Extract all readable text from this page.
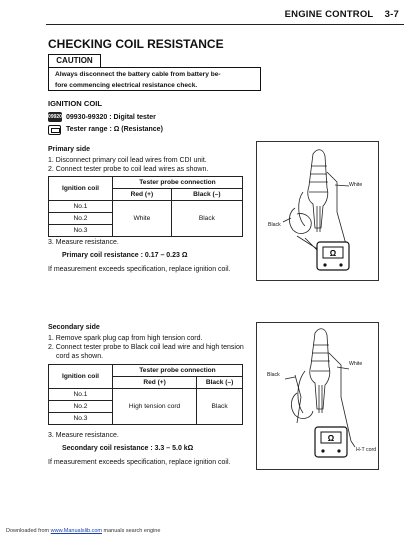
ENGINE CONTROL 3-7
CHECKING COIL RESISTANCE
CAUTION
Always disconnect the battery cable from battery be-
fore commencing electrical resistance check.
IGNITION COIL
09920 09930-99320 : Digital tester
Tester range : Ω (Resistance)
Primary side
1. Disconnect primary coil lead wires from CDI unit.
2. Connect tester probe to coil lead wires as shown.
Ignition coil	Tester probe connection	
	Red (+)	Black (–)
No.1	White	Black
No.2		
No.3		
3. Measure resistance.
Primary coil resistance : 0.17 – 0.23 Ω
If measurement exceeds specification, replace ignition coil.
Ω
White
Black
Secondary side
1. Remove spark plug cap from high tension cord.
2. Connect tester probe to Black coil lead wire and high tension
cord as shown.
Ignition coil	Tester probe connection	
	Red (+)	Black (–)
No.1	High tension cord	Black
No.2		
No.3		
3. Measure resistance.
Secondary coil resistance : 3.3 – 5.0 kΩ
If measurement exceeds specification, replace ignition coil.
Ω
White
Black
H-T cord
Downloaded from www.Manualslib.com manuals search engine
